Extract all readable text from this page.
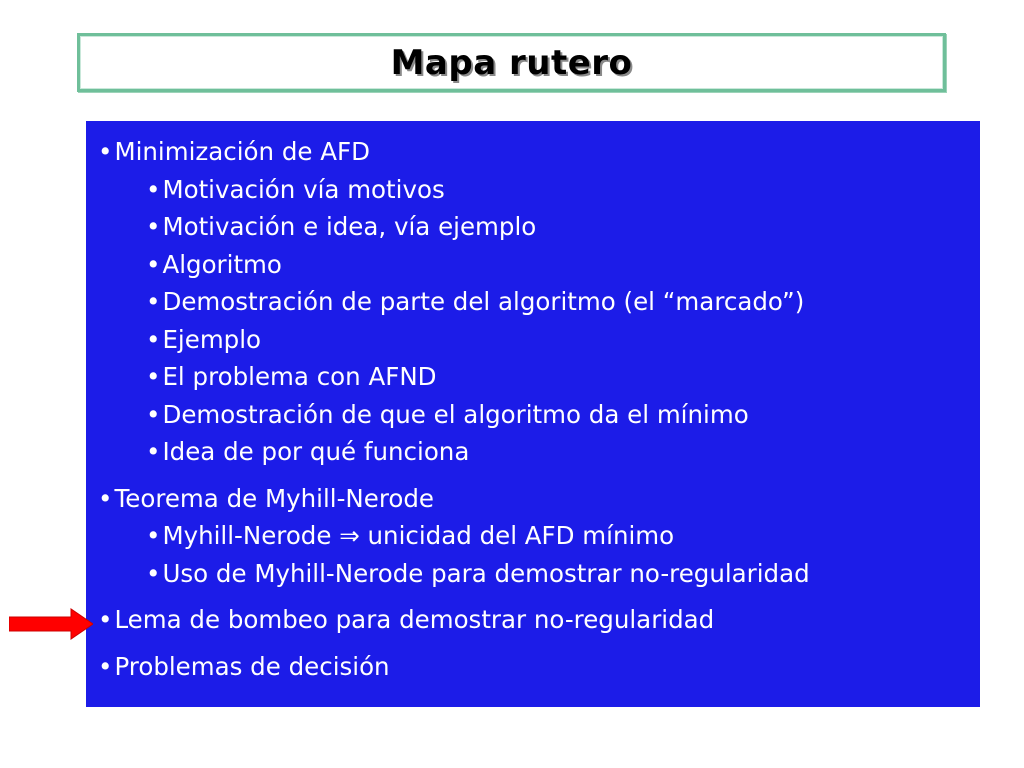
Mapa rutero
•Minimización de AFD
•Motivación vía motivos
•Motivación e idea, vía ejemplo
•Algoritmo
•Demostración de parte del algoritmo (el “marcado”)
•Ejemplo
•El problema con AFND
•Demostración de que el algoritmo da el mínimo
•Idea de por qué funciona
•Teorema de Myhill-Nerode
•Myhill-Nerode ⇒ unicidad del AFD mínimo
•Uso de Myhill-Nerode para demostrar no-regularidad
•Lema de bombeo para demostrar no-regularidad
•Problemas de decisión
